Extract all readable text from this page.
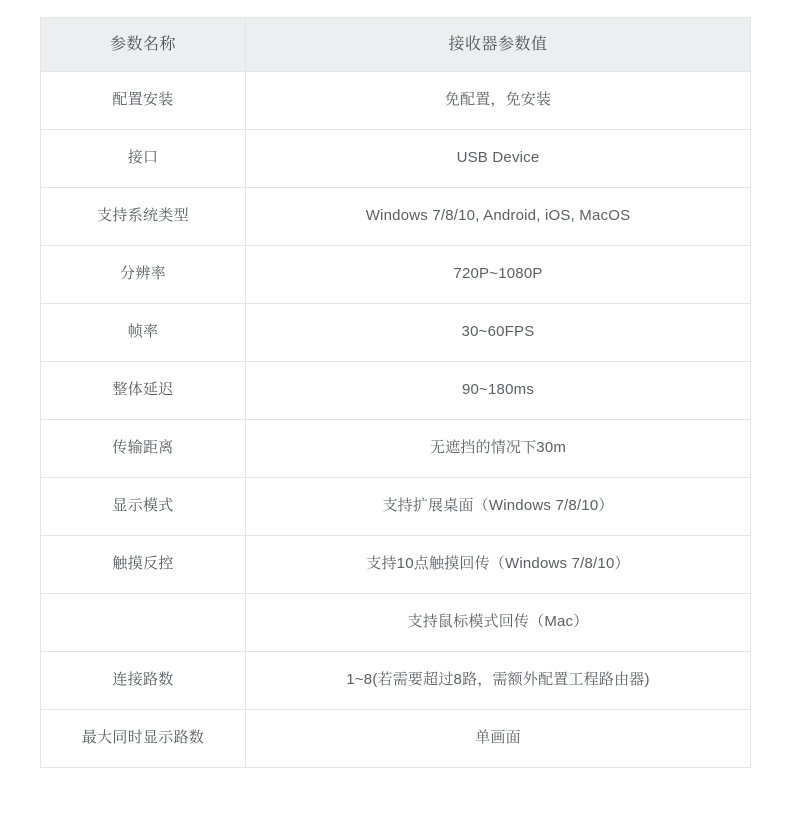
参数名称	接收器参数值
配置安装	免配置，免安装
接口	USB Device
支持系统类型	Windows 7/8/10, Android, iOS, MacOS
分辨率	720P~1080P
帧率	30~60FPS
整体延迟	90~180ms
传输距离	无遮挡的情况下30m
显示模式	支持扩展桌面（Windows 7/8/10）
触摸反控	支持10点触摸回传（Windows 7/8/10）
	支持鼠标模式回传（Mac）
连接路数	1~8(若需要超过8路，需额外配置工程路由器)
最大同时显示路数	单画面
